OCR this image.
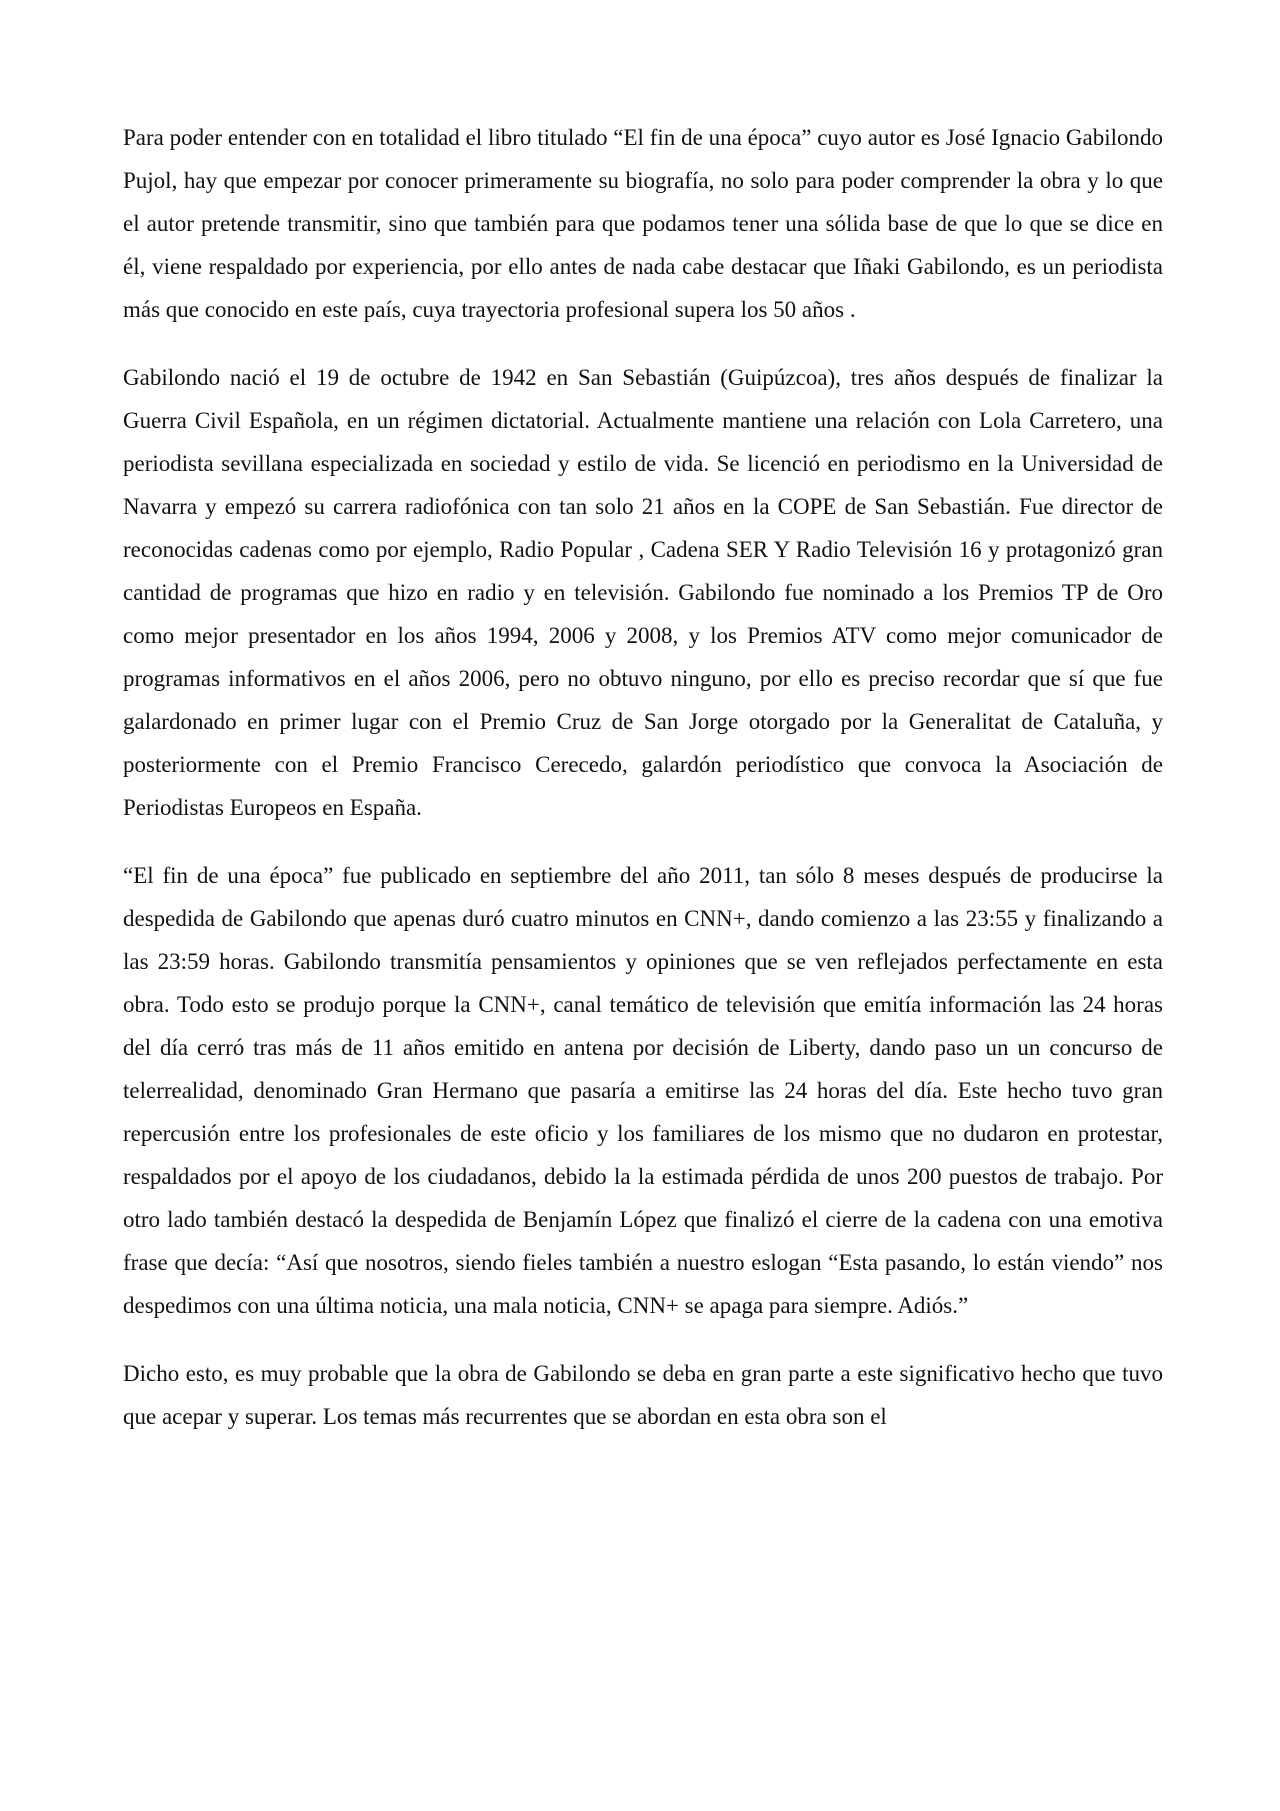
Para poder entender con en totalidad el libro titulado “El fin de una época” cuyo autor es José Ignacio Gabilondo Pujol, hay que empezar por conocer primeramente su biografía, no solo para poder comprender la obra y lo que el autor pretende transmitir, sino que también para que podamos tener una sólida base de que lo que se dice en él, viene respaldado por experiencia, por ello antes de nada cabe destacar que Iñaki Gabilondo, es un periodista más que conocido en este país, cuya trayectoria profesional supera los 50 años .

Gabilondo nació el 19 de octubre de 1942 en San Sebastián (Guipúzcoa), tres años después de finalizar la Guerra Civil Española, en un régimen dictatorial. Actualmente mantiene una relación con Lola Carretero, una periodista sevillana especializada en sociedad y estilo de vida. Se licenció en periodismo en la Universidad de Navarra y empezó su carrera radiofónica con tan solo 21 años en la COPE de San Sebastián. Fue director de reconocidas cadenas como por ejemplo, Radio Popular , Cadena SER Y Radio Televisión 16 y protagonizó gran cantidad de programas que hizo en radio y en televisión. Gabilondo fue nominado a los Premios TP de Oro como mejor presentador en los años 1994, 2006 y 2008, y los Premios ATV como mejor comunicador de programas informativos en el años 2006, pero no obtuvo ninguno, por ello es preciso recordar que sí que fue galardonado en primer lugar con el Premio Cruz de San Jorge otorgado por la Generalitat de Cataluña, y posteriormente con el Premio Francisco Cerecedo, galardón periodístico que convoca la Asociación de Periodistas Europeos en España.

“El fin de una época” fue publicado en septiembre del año 2011, tan sólo 8 meses después de producirse la despedida de Gabilondo que apenas duró cuatro minutos en CNN+, dando comienzo a las 23:55 y finalizando a las 23:59 horas. Gabilondo transmitía pensamientos y opiniones que se ven reflejados perfectamente en esta obra. Todo esto se produjo porque la CNN+, canal temático de televisión que emitía información las 24 horas del día cerró tras más de 11 años emitido en antena por decisión de Liberty, dando paso un un concurso de telerrealidad, denominado Gran Hermano que pasaría a emitirse las 24 horas del día. Este hecho tuvo gran repercusión entre los profesionales de este oficio y los familiares de los mismo que no dudaron en protestar, respaldados por el apoyo de los ciudadanos, debido la la estimada pérdida de unos 200 puestos de trabajo. Por otro lado también destacó la despedida de Benjamín López que finalizó el cierre de la cadena con una emotiva frase que decía: “Así que nosotros, siendo fieles también a nuestro eslogan “Esta pasando, lo están viendo” nos despedimos con una última noticia, una mala noticia, CNN+ se apaga para siempre. Adiós.”

Dicho esto, es muy probable que la obra de Gabilondo se deba en gran parte a este significativo hecho que tuvo que acepar y superar. Los temas más recurrentes que se abordan en esta obra son el
